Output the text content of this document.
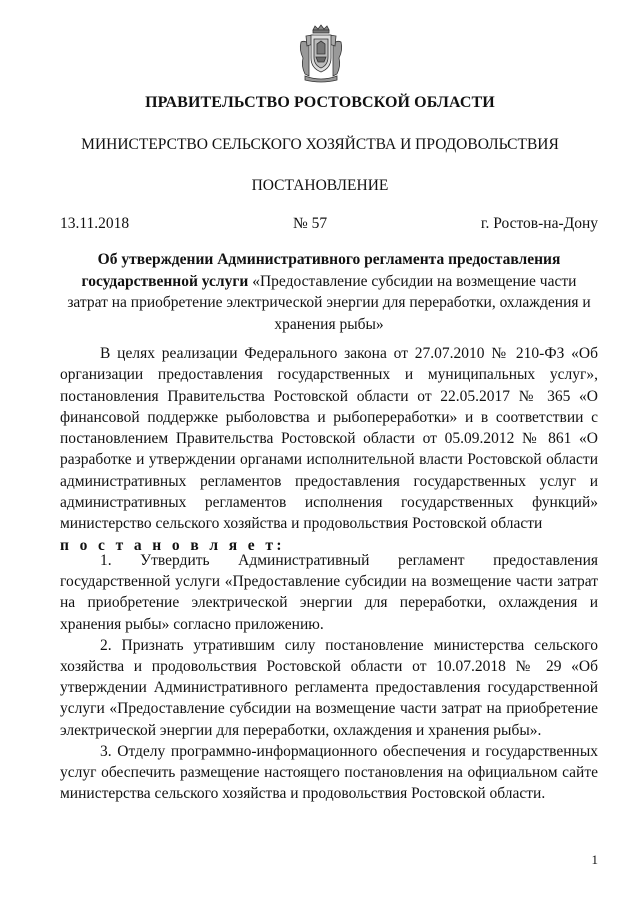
ПРАВИТЕЛЬСТВО РОСТОВСКОЙ ОБЛАСТИ
МИНИСТЕРСТВО СЕЛЬСКОГО ХОЗЯЙСТВА И ПРОДОВОЛЬСТВИЯ
ПОСТАНОВЛЕНИЕ
13.11.2018	№ 57	г. Ростов-на-Дону
Об утверждении Административного регламента предоставления государственной услуги «Предоставление субсидии на возмещение части затрат на приобретение электрической энергии для переработки, охлаждения и хранения рыбы»

В целях реализации Федерального закона от 27.07.2010 № 210-ФЗ «Об организации предоставления государственных и муниципальных услуг», постановления Правительства Ростовской области от 22.05.2017 № 365 «О финансовой поддержке рыболовства и рыбопереработки» и в соответствии с постановлением Правительства Ростовской области от 05.09.2012 № 861 «О разработке и утверждении органами исполнительной власти Ростовской области административных регламентов предоставления государственных услуг и административных регламентов исполнения государственных функций» министерство сельского хозяйства и продовольствия Ростовской области

п о с т а н о в л я е т:

1. Утвердить Административный регламент предоставления государственной услуги «Предоставление субсидии на возмещение части затрат на приобретение электрической энергии для переработки, охлаждения и хранения рыбы» согласно приложению.

2. Признать утратившим силу постановление министерства сельского хозяйства и продовольствия Ростовской области от 10.07.2018 № 29 «Об утверждении Административного регламента предоставления государственной услуги «Предоставление субсидии на возмещение части затрат на приобретение электрической энергии для переработки, охлаждения и хранения рыбы».

3. Отделу программно-информационного обеспечения и государственных услуг обеспечить размещение настоящего постановления на официальном сайте министерства сельского хозяйства и продовольствия Ростовской области.

1
